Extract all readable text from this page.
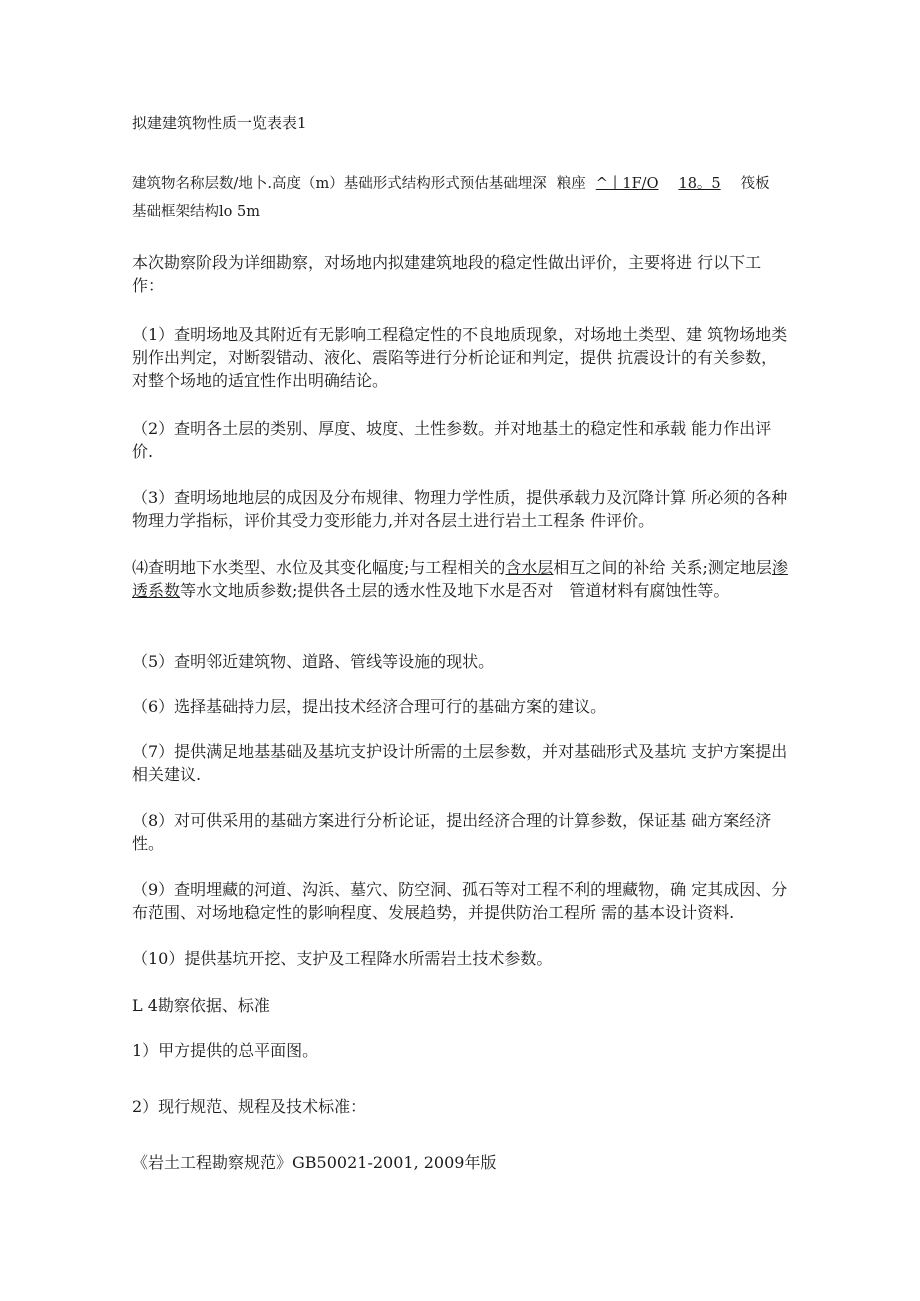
拟建建筑物性质一览表表1
建筑物名称层数/地卜.高度（m）基础形式结构形式预估基础埋深 粮座 ^丨1F/O 18。5 筏板
基础框架结构lo 5m

本次勘察阶段为详细勘察，对场地内拟建建筑地段的稳定性做出评价，主要将进 行以下工作：

（1）查明场地及其附近有无影响工程稳定性的不良地质现象，对场地土类型、建 筑物场地类别作出判定，对断裂错动、液化、震陷等进行分析论证和判定，提供 抗震设计的有关参数，对整个场地的适宜性作出明确结论。

（2）查明各土层的类别、厚度、坡度、土性参数。并对地基土的稳定性和承载 能力作出评价.

（3）查明场地地层的成因及分布规律、物理力学性质，提供承载力及沉降计算 所必须的各种物理力学指标，评价其受力变形能力,并对各层土进行岩土工程条 件评价。

⑷查明地下水类型、水位及其变化幅度;与工程相关的含水层相互之间的补给 关系;测定地层渗透系数等水文地质参数;提供各土层的透水性及地下水是否对　管道材料有腐蚀性等。

（5）查明邻近建筑物、道路、管线等设施的现状。

（6）选择基础持力层，提出技术经济合理可行的基础方案的建议。

（7）提供满足地基基础及基坑支护设计所需的土层参数，并对基础形式及基坑 支护方案提出相关建议.

（8）对可供采用的基础方案进行分析论证，提出经济合理的计算参数，保证基 础方案经济性。

（9）查明埋藏的河道、沟浜、墓穴、防空洞、孤石等对工程不利的埋藏物，确 定其成因、分布范围、对场地稳定性的影响程度、发展趋势，并提供防治工程所 需的基本设计资料.

（10）提供基坑开挖、支护及工程降水所需岩土技术参数。

L 4勘察依据、标准

1）甲方提供的总平面图。

2）现行规范、规程及技术标准：

《岩土工程勘察规范》GB50021-2001, 2009年版
